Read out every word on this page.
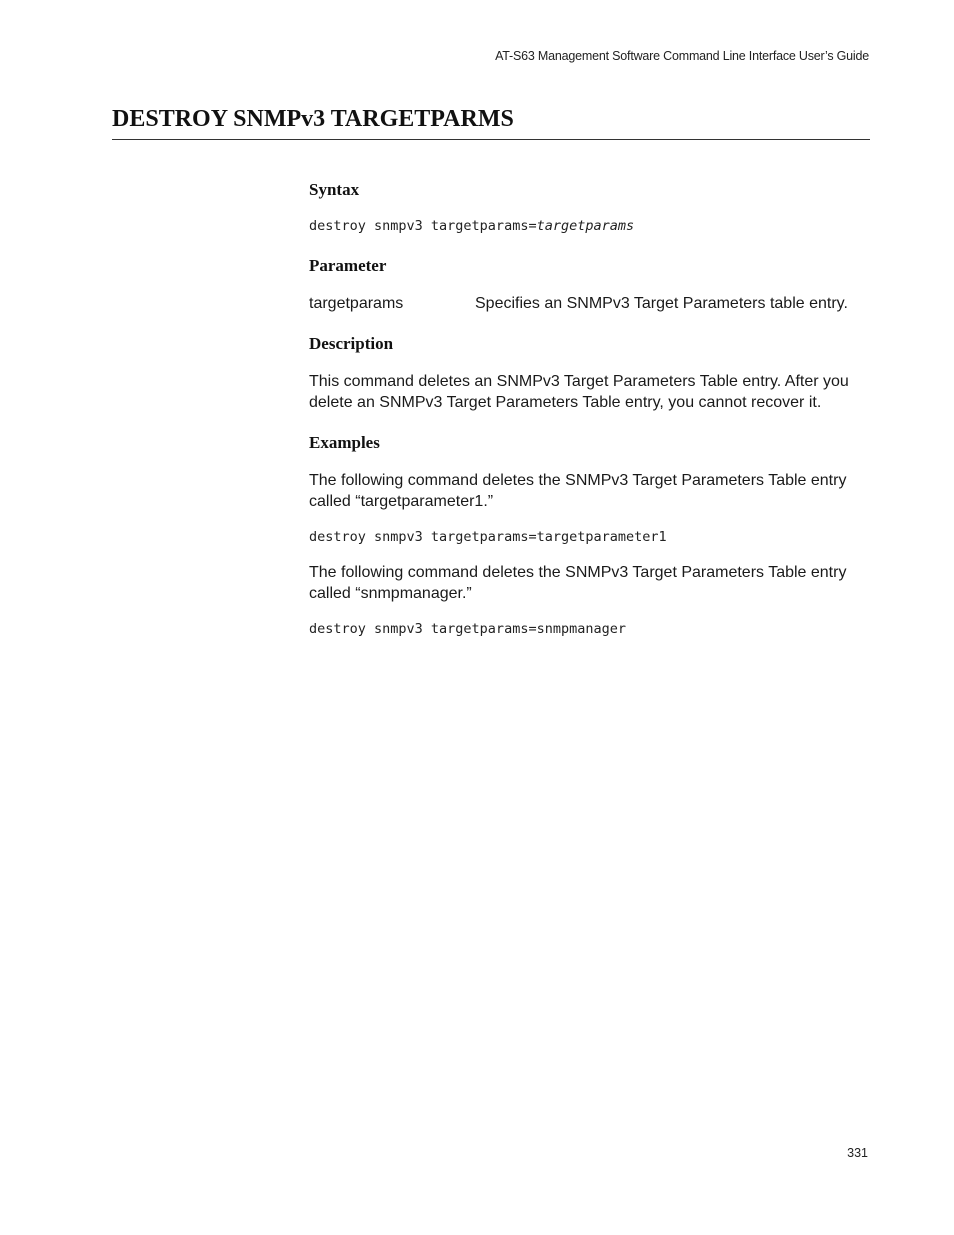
AT-S63 Management Software Command Line Interface User’s Guide
DESTROY SNMPv3 TARGETPARMS
Syntax

destroy snmpv3 targetparams=targetparams

Parameter
targetparams	Specifies an SNMPv3 Target Parameters table entry.
Description

This command deletes an SNMPv3 Target Parameters Table entry. After you delete an SNMPv3 Target Parameters Table entry, you cannot recover it.

Examples

The following command deletes the SNMPv3 Target Parameters Table entry called “targetparameter1.”

destroy snmpv3 targetparams=targetparameter1

The following command deletes the SNMPv3 Target Parameters Table entry called “snmpmanager.”

destroy snmpv3 targetparams=snmpmanager

331
